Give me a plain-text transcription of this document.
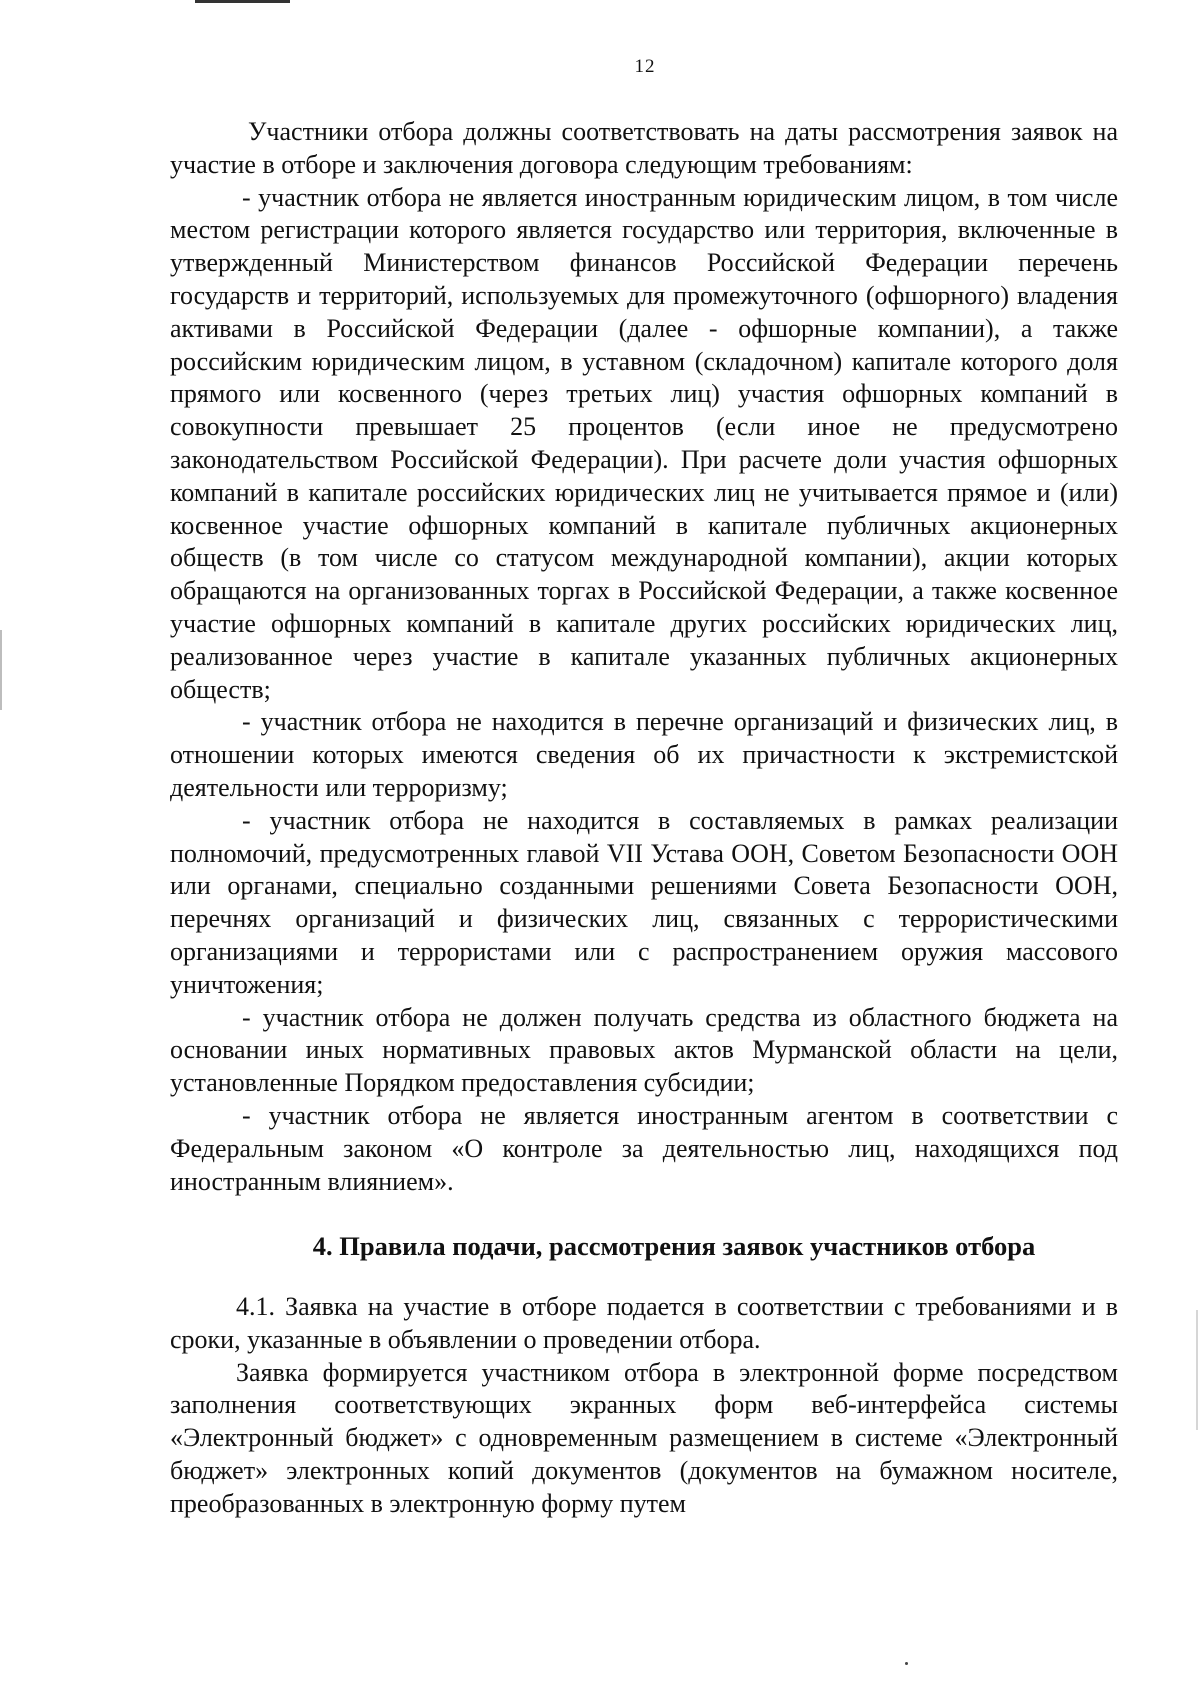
12

Участники отбора должны соответствовать на даты рассмотрения заявок на участие в отборе и заключения договора следующим требованиям:

- участник отбора не является иностранным юридическим лицом, в том числе местом регистрации которого является государство или территория, включенные в утвержденный Министерством финансов Российской Федерации перечень государств и территорий, используемых для промежуточного (офшорного) владения активами в Российской Федерации (далее - офшорные компании), а также российским юридическим лицом, в уставном (складочном) капитале которого доля прямого или косвенного (через третьих лиц) участия офшорных компаний в совокупности превышает 25 процентов (если иное не предусмотрено законодательством Российской Федерации). При расчете доли участия офшорных компаний в капитале российских юридических лиц не учитывается прямое и (или) косвенное участие офшорных компаний в капитале публичных акционерных обществ (в том числе со статусом международной компании), акции которых обращаются на организованных торгах в Российской Федерации, а также косвенное участие офшорных компаний в капитале других российских юридических лиц, реализованное через участие в капитале указанных публичных акционерных обществ;

- участник отбора не находится в перечне организаций и физических лиц, в отношении которых имеются сведения об их причастности к экстремистской деятельности или терроризму;

- участник отбора не находится в составляемых в рамках реализации полномочий, предусмотренных главой VII Устава ООН, Советом Безопасности ООН или органами, специально созданными решениями Совета Безопасности ООН, перечнях организаций и физических лиц, связанных с террористическими организациями и террористами или с распространением оружия массового уничтожения;

- участник отбора не должен получать средства из областного бюджета на основании иных нормативных правовых актов Мурманской области на цели, установленные Порядком предоставления субсидии;

- участник отбора не является иностранным агентом в соответствии с Федеральным законом «О контроле за деятельностью лиц, находящихся под иностранным влиянием».

4. Правила подачи, рассмотрения заявок участников отбора

4.1. Заявка на участие в отборе подается в соответствии с требованиями и в сроки, указанные в объявлении о проведении отбора.

Заявка формируется участником отбора в электронной форме посредством заполнения соответствующих экранных форм веб-интерфейса системы «Электронный бюджет» с одновременным размещением в системе «Электронный бюджет» электронных копий документов (документов на бумажном носителе, преобразованных в электронную форму путем
